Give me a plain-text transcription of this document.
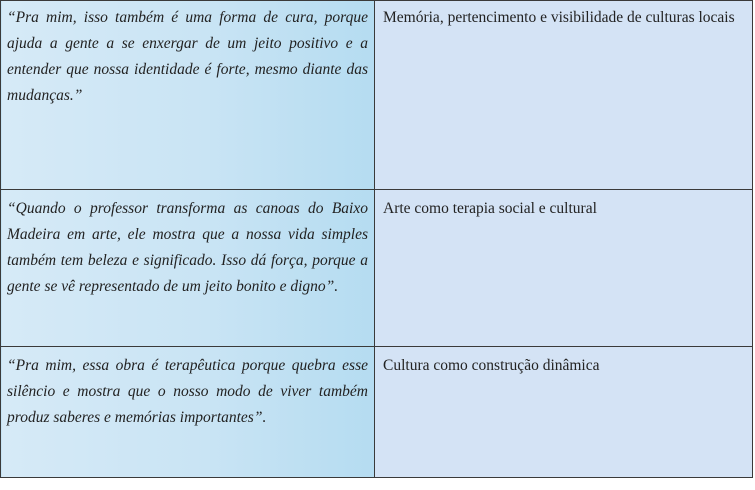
“Pra mim, isso também é uma forma de cura, porque ajuda a gente a se enxergar de um jeito positivo e a entender que nossa identidade é forte, mesmo diante das mudanças.”	Memória, pertencimento e visibilidade de culturas locais

“Quando o professor transforma as canoas do Baixo Madeira em arte, ele mostra que a nossa vida simples também tem beleza e significado. Isso dá força, porque a gente se vê representado de um jeito bonito e digno”.	Arte como terapia social e cultural

“Pra mim, essa obra é terapêutica porque quebra esse silêncio e mostra que o nosso modo de viver também produz saberes e memórias importantes”.	Cultura como construção dinâmica
